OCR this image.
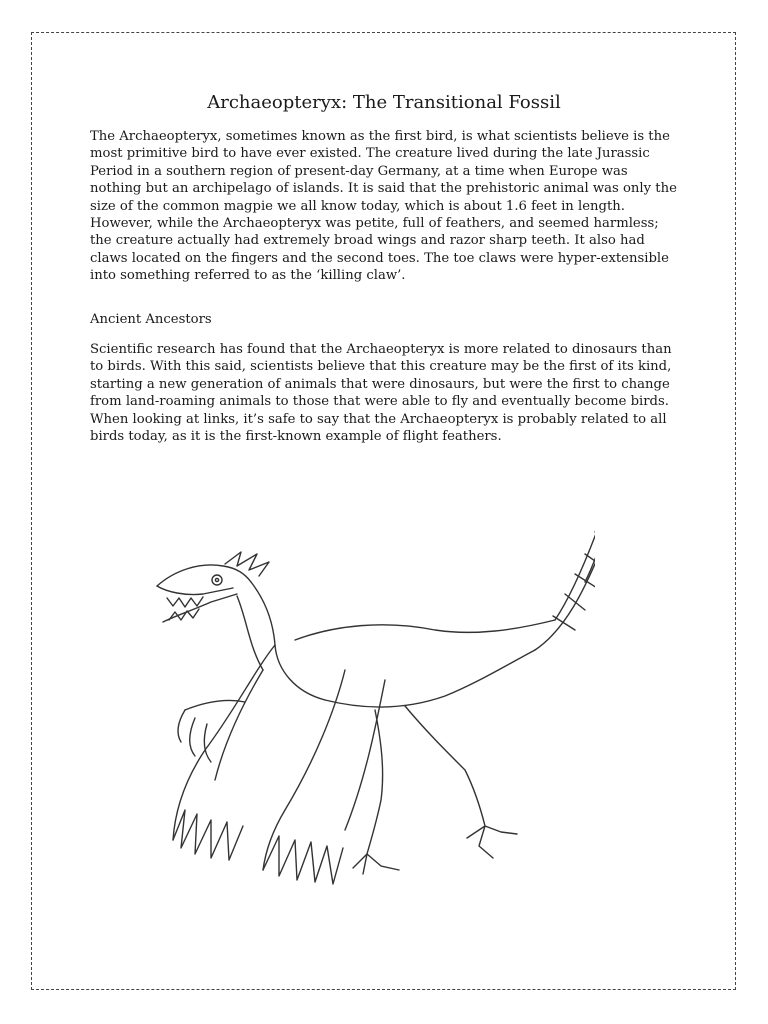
Archaeopteryx: The Transitional Fossil

The Archaeopteryx, sometimes known as the first bird, is what scientists believe is the most primitive bird to have ever existed. The creature lived during the late Jurassic Period in a southern region of present-day Germany, at a time when Europe was nothing but an archipelago of islands. It is said that the prehistoric animal was only the size of the common magpie we all know today, which is about 1.6 feet in length. However, while the Archaeopteryx was petite, full of feathers, and seemed harmless; the creature actually had extremely broad wings and razor sharp teeth. It also had claws located on the fingers and the second toes. The toe claws were hyper-extensible into something referred to as the ‘killing claw’.

Ancient Ancestors

Scientific research has found that the Archaeopteryx is more related to dinosaurs than to birds. With this said, scientists believe that this creature may be the first of its kind, starting a new generation of animals that were dinosaurs, but were the first to change from land-roaming animals to those that were able to fly and eventually become birds. When looking at links, it’s safe to say that the Archaeopteryx is probably related to all birds today, as it is the first-known example of flight feathers.
